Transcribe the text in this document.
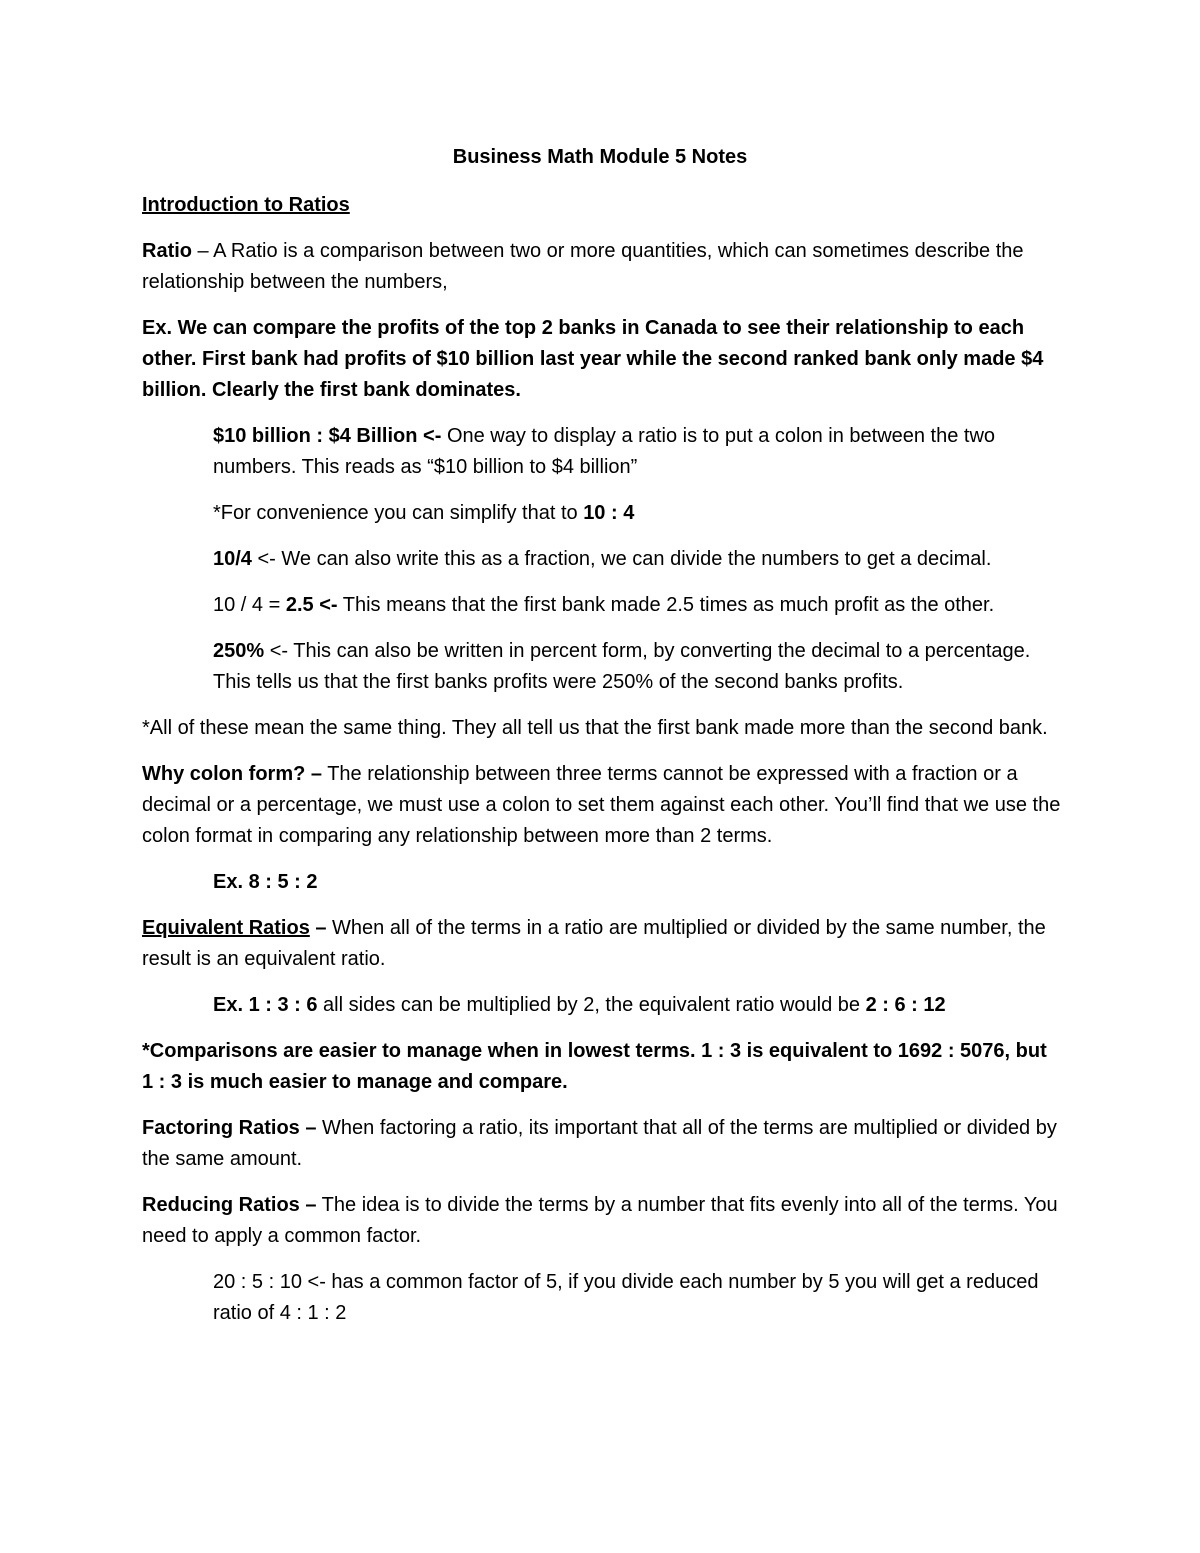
Business Math Module 5 Notes

Introduction to Ratios

Ratio – A Ratio is a comparison between two or more quantities, which can sometimes describe the relationship between the numbers,

Ex. We can compare the profits of the top 2 banks in Canada to see their relationship to each other. First bank had profits of $10 billion last year while the second ranked bank only made $4 billion. Clearly the first bank dominates.

$10 billion : $4 Billion <- One way to display a ratio is to put a colon in between the two numbers. This reads as “$10 billion to $4 billion”

*For convenience you can simplify that to 10 : 4

10/4 <- We can also write this as a fraction, we can divide the numbers to get a decimal.

10 / 4 = 2.5 <- This means that the first bank made 2.5 times as much profit as the other.

250% <- This can also be written in percent form, by converting the decimal to a percentage. This tells us that the first banks profits were 250% of the second banks profits.

*All of these mean the same thing. They all tell us that the first bank made more than the second bank.

Why colon form? – The relationship between three terms cannot be expressed with a fraction or a decimal or a percentage, we must use a colon to set them against each other. You’ll find that we use the colon format in comparing any relationship between more than 2 terms.

Ex. 8 : 5 : 2

Equivalent Ratios – When all of the terms in a ratio are multiplied or divided by the same number, the result is an equivalent ratio.

Ex. 1 : 3 : 6 all sides can be multiplied by 2, the equivalent ratio would be 2 : 6 : 12

*Comparisons are easier to manage when in lowest terms. 1 : 3 is equivalent to 1692 : 5076, but 1 : 3 is much easier to manage and compare.

Factoring Ratios – When factoring a ratio, its important that all of the terms are multiplied or divided by the same amount.

Reducing Ratios – The idea is to divide the terms by a number that fits evenly into all of the terms. You need to apply a common factor.

20 : 5 : 10 <- has a common factor of 5, if you divide each number by 5 you will get a reduced ratio of 4 : 1 : 2
